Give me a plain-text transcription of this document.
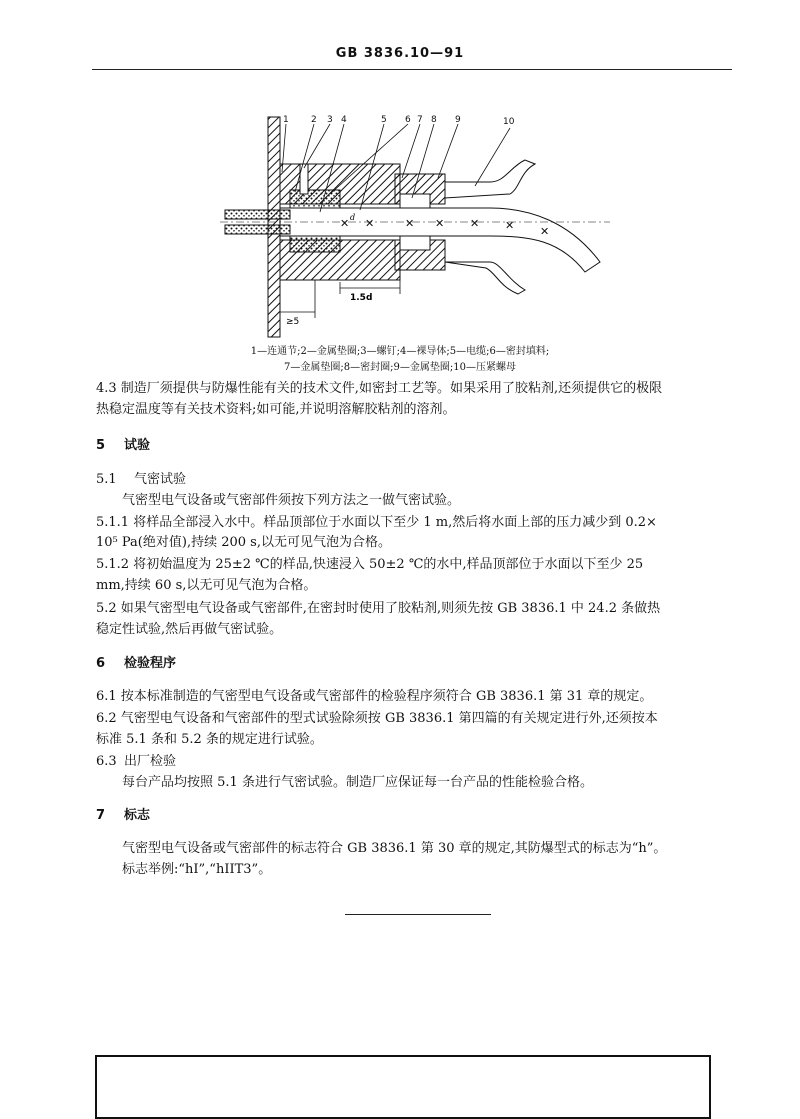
GB 3836.10—91
✕ ✕	✕ ✕ ✕ ✕ ✕
1 2 3 4	5 6 7 8 9	10
1.5d
≥5
d
1—连通节;2—金属垫圈;3—螺钉;4—裸导体;5—电缆;6—密封填料;
7—金属垫圈;8—密封圈;9—金属垫圈;10—压紧螺母
4.3 制造厂须提供与防爆性能有关的技术文件,如密封工艺等。如果采用了胶粘剂,还须提供它的极限
热稳定温度等有关技术资料;如可能,并说明溶解胶粘剂的溶剂。
5 试验
5.1 气密试验
气密型电气设备或气密部件须按下列方法之一做气密试验。
5.1.1 将样品全部浸入水中。样品顶部位于水面以下至少 1 m,然后将水面上部的压力减少到 0.2×
10⁵ Pa(绝对值),持续 200 s,以无可见气泡为合格。
5.1.2 将初始温度为 25±2 ℃的样品,快速浸入 50±2 ℃的水中,样品顶部位于水面以下至少 25
mm,持续 60 s,以无可见气泡为合格。
5.2 如果气密型电气设备或气密部件,在密封时使用了胶粘剂,则须先按 GB 3836.1 中 24.2 条做热
稳定性试验,然后再做气密试验。
6 检验程序
6.1 按本标准制造的气密型电气设备或气密部件的检验程序须符合 GB 3836.1 第 31 章的规定。
6.2 气密型电气设备和气密部件的型式试验除须按 GB 3836.1 第四篇的有关规定进行外,还须按本
标准 5.1 条和 5.2 条的规定进行试验。
6.3 出厂检验
每台产品均按照 5.1 条进行气密试验。制造厂应保证每一台产品的性能检验合格。
7 标志
气密型电气设备或气密部件的标志符合 GB 3836.1 第 30 章的规定,其防爆型式的标志为“h”。
标志举例:“hI”,“hIIT3”。
